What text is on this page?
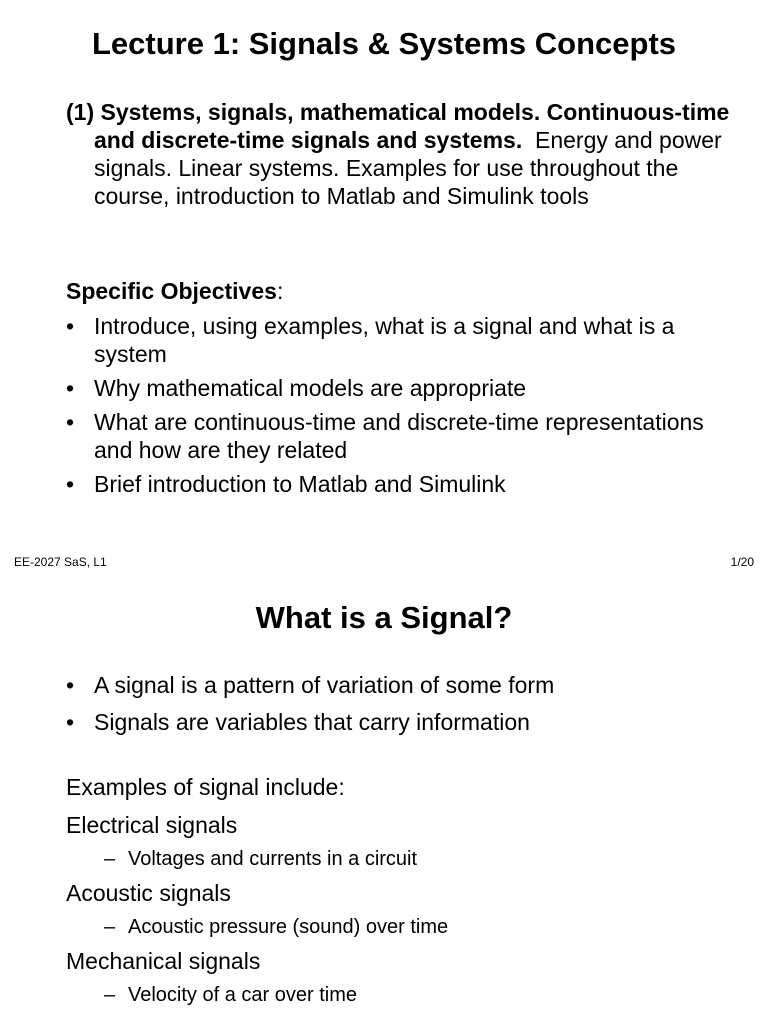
Lecture 1: Signals & Systems Concepts

(1) Systems, signals, mathematical models. Continuous-time and discrete-time signals and systems. Energy and power signals. Linear systems. Examples for use throughout the course, introduction to Matlab and Simulink tools

Specific Objectives:

• Introduce, using examples, what is a signal and what is a system
• Why mathematical models are appropriate
• What are continuous-time and discrete-time representations and how are they related
• Brief introduction to Matlab and Simulink
EE-2027 SaS, L1	1/20
What is a Signal?
• A signal is a pattern of variation of some form
• Signals are variables that carry information
Examples of signal include:
Electrical signals
– Voltages and currents in a circuit
Acoustic signals
– Acoustic pressure (sound) over time
Mechanical signals
– Velocity of a car over time
